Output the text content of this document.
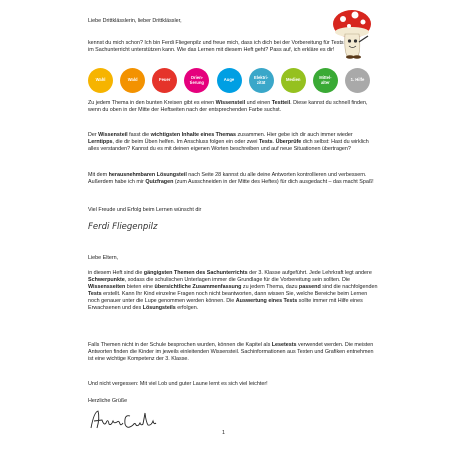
Liebe Drittklässlerin, lieber Drittklässler,

kennst du mich schon? Ich bin Ferdi Fliegenpilz und freue mich, dass ich dich bei der Vorbereitung für Tests im Sachunterricht unterstützen kann. Wie das Lernen mit diesem Heft geht? Pass auf, ich erkläre es dir!

Wahl	Wald	Feuer	Orien-
tierung	Auge	Elektri-
zität	Medien	Mittel-
alter	1. Hilfe

Zu jedem Thema in den bunten Kreisen gibt es einen Wissensteil und einen Testteil. Diese kannst du schnell finden, wenn du oben in der Mitte der Heftseiten nach der entsprechenden Farbe suchst.

Der Wissensteil fasst die wichtigsten Inhalte eines Themas zusammen. Hier gebe ich dir auch immer wieder Lerntipps, die dir beim Üben helfen. Im Anschluss folgen ein oder zwei Tests. Überprüfe dich selbst: Hast du wirklich alles verstanden? Kannst du es mit deinen eigenen Worten beschreiben und auf neue Situationen übertragen?

Mit dem herausnehmbaren Lösungsteil nach Seite 28 kannst du alle deine Antworten kontrollieren und verbessern. Außerdem habe ich mir Quizfragen (zum Ausschneiden in der Mitte des Heftes) für dich ausgedacht – das macht Spaß!

Viel Freude und Erfolg beim Lernen wünscht dir

Ferdi Fliegenpilz

Liebe Eltern,

in diesem Heft sind die gängigsten Themen des Sachunterrichts der 3. Klasse aufgeführt. Jede Lehrkraft legt andere Schwerpunkte, sodass die schulischen Unterlagen immer die Grundlage für die Vorbereitung sein sollten. Die Wissensseiten bieten eine übersichtliche Zusammenfassung zu jedem Thema, dazu passend sind die nachfolgenden Tests erstellt. Kann Ihr Kind einzelne Fragen noch nicht beantworten, dann wissen Sie, welche Bereiche beim Lernen noch genauer unter die Lupe genommen werden können. Die Auswertung eines Tests sollte immer mit Hilfe eines Erwachsenen und des Lösungsteils erfolgen.

Falls Themen nicht in der Schule besprochen wurden, können die Kapitel als Lesetests verwendet werden. Die meisten Antworten finden die Kinder im jeweils einleitenden Wissensteil. Sachinformationen aus Texten und Grafiken entnehmen ist eine wichtige Kompetenz der 3. Klasse.

Und nicht vergessen: Mit viel Lob und guter Laune lernt es sich viel leichter!

Herzliche Grüße

1
